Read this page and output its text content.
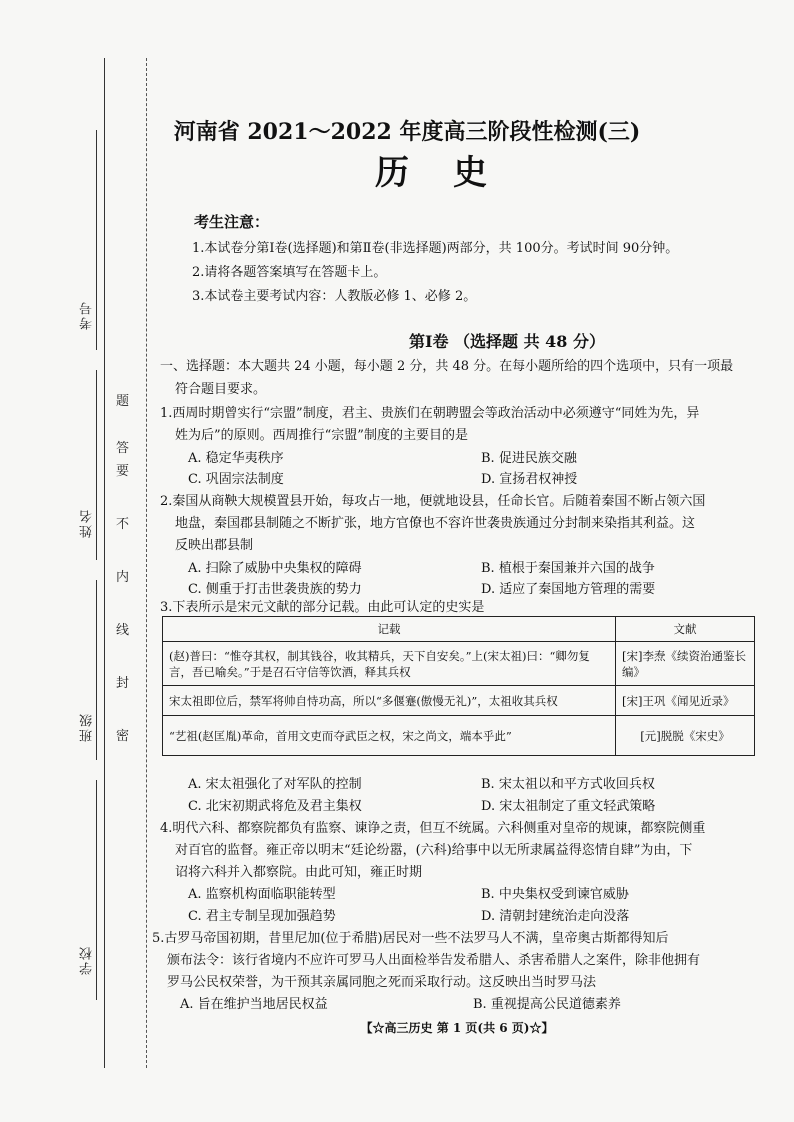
考号
姓名
班级
学校
密
封
线
内
不
要
答
题
河南省 2021～2022 年度高三阶段性检测(三)
历史
考生注意：
1.本试卷分第Ⅰ卷(选择题)和第Ⅱ卷(非选择题)两部分，共 100分。考试时间 90分钟。
2.请将各题答案填写在答题卡上。
3.本试卷主要考试内容：人教版必修 1、必修 2。
第Ⅰ卷 （选择题 共 48 分）
一、选择题：本大题共 24 小题，每小题 2 分，共 48 分。在每小题所给的四个选项中，只有一项最
符合题目要求。
1.西周时期曾实行“宗盟”制度，君主、贵族们在朝聘盟会等政治活动中必须遵守“同姓为先，异
姓为后”的原则。西周推行“宗盟”制度的主要目的是
A. 稳定华夷秩序	B. 促进民族交融
C. 巩固宗法制度	D. 宣扬君权神授
2.秦国从商鞅大规模置县开始，每攻占一地，便就地设县，任命长官。后随着秦国不断占领六国
地盘，秦国郡县制随之不断扩张，地方官僚也不容许世袭贵族通过分封制来染指其利益。这
反映出郡县制
A. 扫除了威胁中央集权的障碍	B. 植根于秦国兼并六国的战争
C. 侧重于打击世袭贵族的势力	D. 适应了秦国地方管理的需要
3.下表所示是宋元文献的部分记载。由此可认定的史实是
记载	文献
(赵)普曰：“惟夺其权，制其钱谷，收其精兵，天下自安矣。”上(宋太祖)曰：“卿勿复言，吾已喻矣。”于是召石守信等饮酒，释其兵权	[宋]李焘《续资治通鉴长编》
宋太祖即位后，禁军将帅自恃功高，所以“多偃蹇(傲慢无礼)”，太祖收其兵权	[宋]王巩《闻见近录》
“艺祖(赵匡胤)革命，首用文吏而夺武臣之权，宋之尚文，端本乎此”	[元]脱脱《宋史》
A. 宋太祖强化了对军队的控制	B. 宋太祖以和平方式收回兵权
C. 北宋初期武将危及君主集权	D. 宋太祖制定了重文轻武策略
4.明代六科、都察院都负有监察、谏诤之责，但互不统属。六科侧重对皇帝的规谏，都察院侧重
对百官的监督。雍正帝以明末“廷论纷嚣，(六科)给事中以无所隶属益得恣情自肆”为由，下
诏将六科并入都察院。由此可知，雍正时期
A. 监察机构面临职能转型	B. 中央集权受到谏官威胁
C. 君主专制呈现加强趋势	D. 清朝封建统治走向没落
5.古罗马帝国初期，昔里尼加(位于希腊)居民对一些不法罗马人不满，皇帝奥古斯都得知后
颁布法令：该行省境内不应许可罗马人出面检举告发希腊人、杀害希腊人之案件，除非他拥有
罗马公民权荣誉，为干预其亲属同胞之死而采取行动。这反映出当时罗马法
A. 旨在维护当地居民权益	B. 重视提高公民道德素养
【☆高三历史 第 1 页(共 6 页)☆】
